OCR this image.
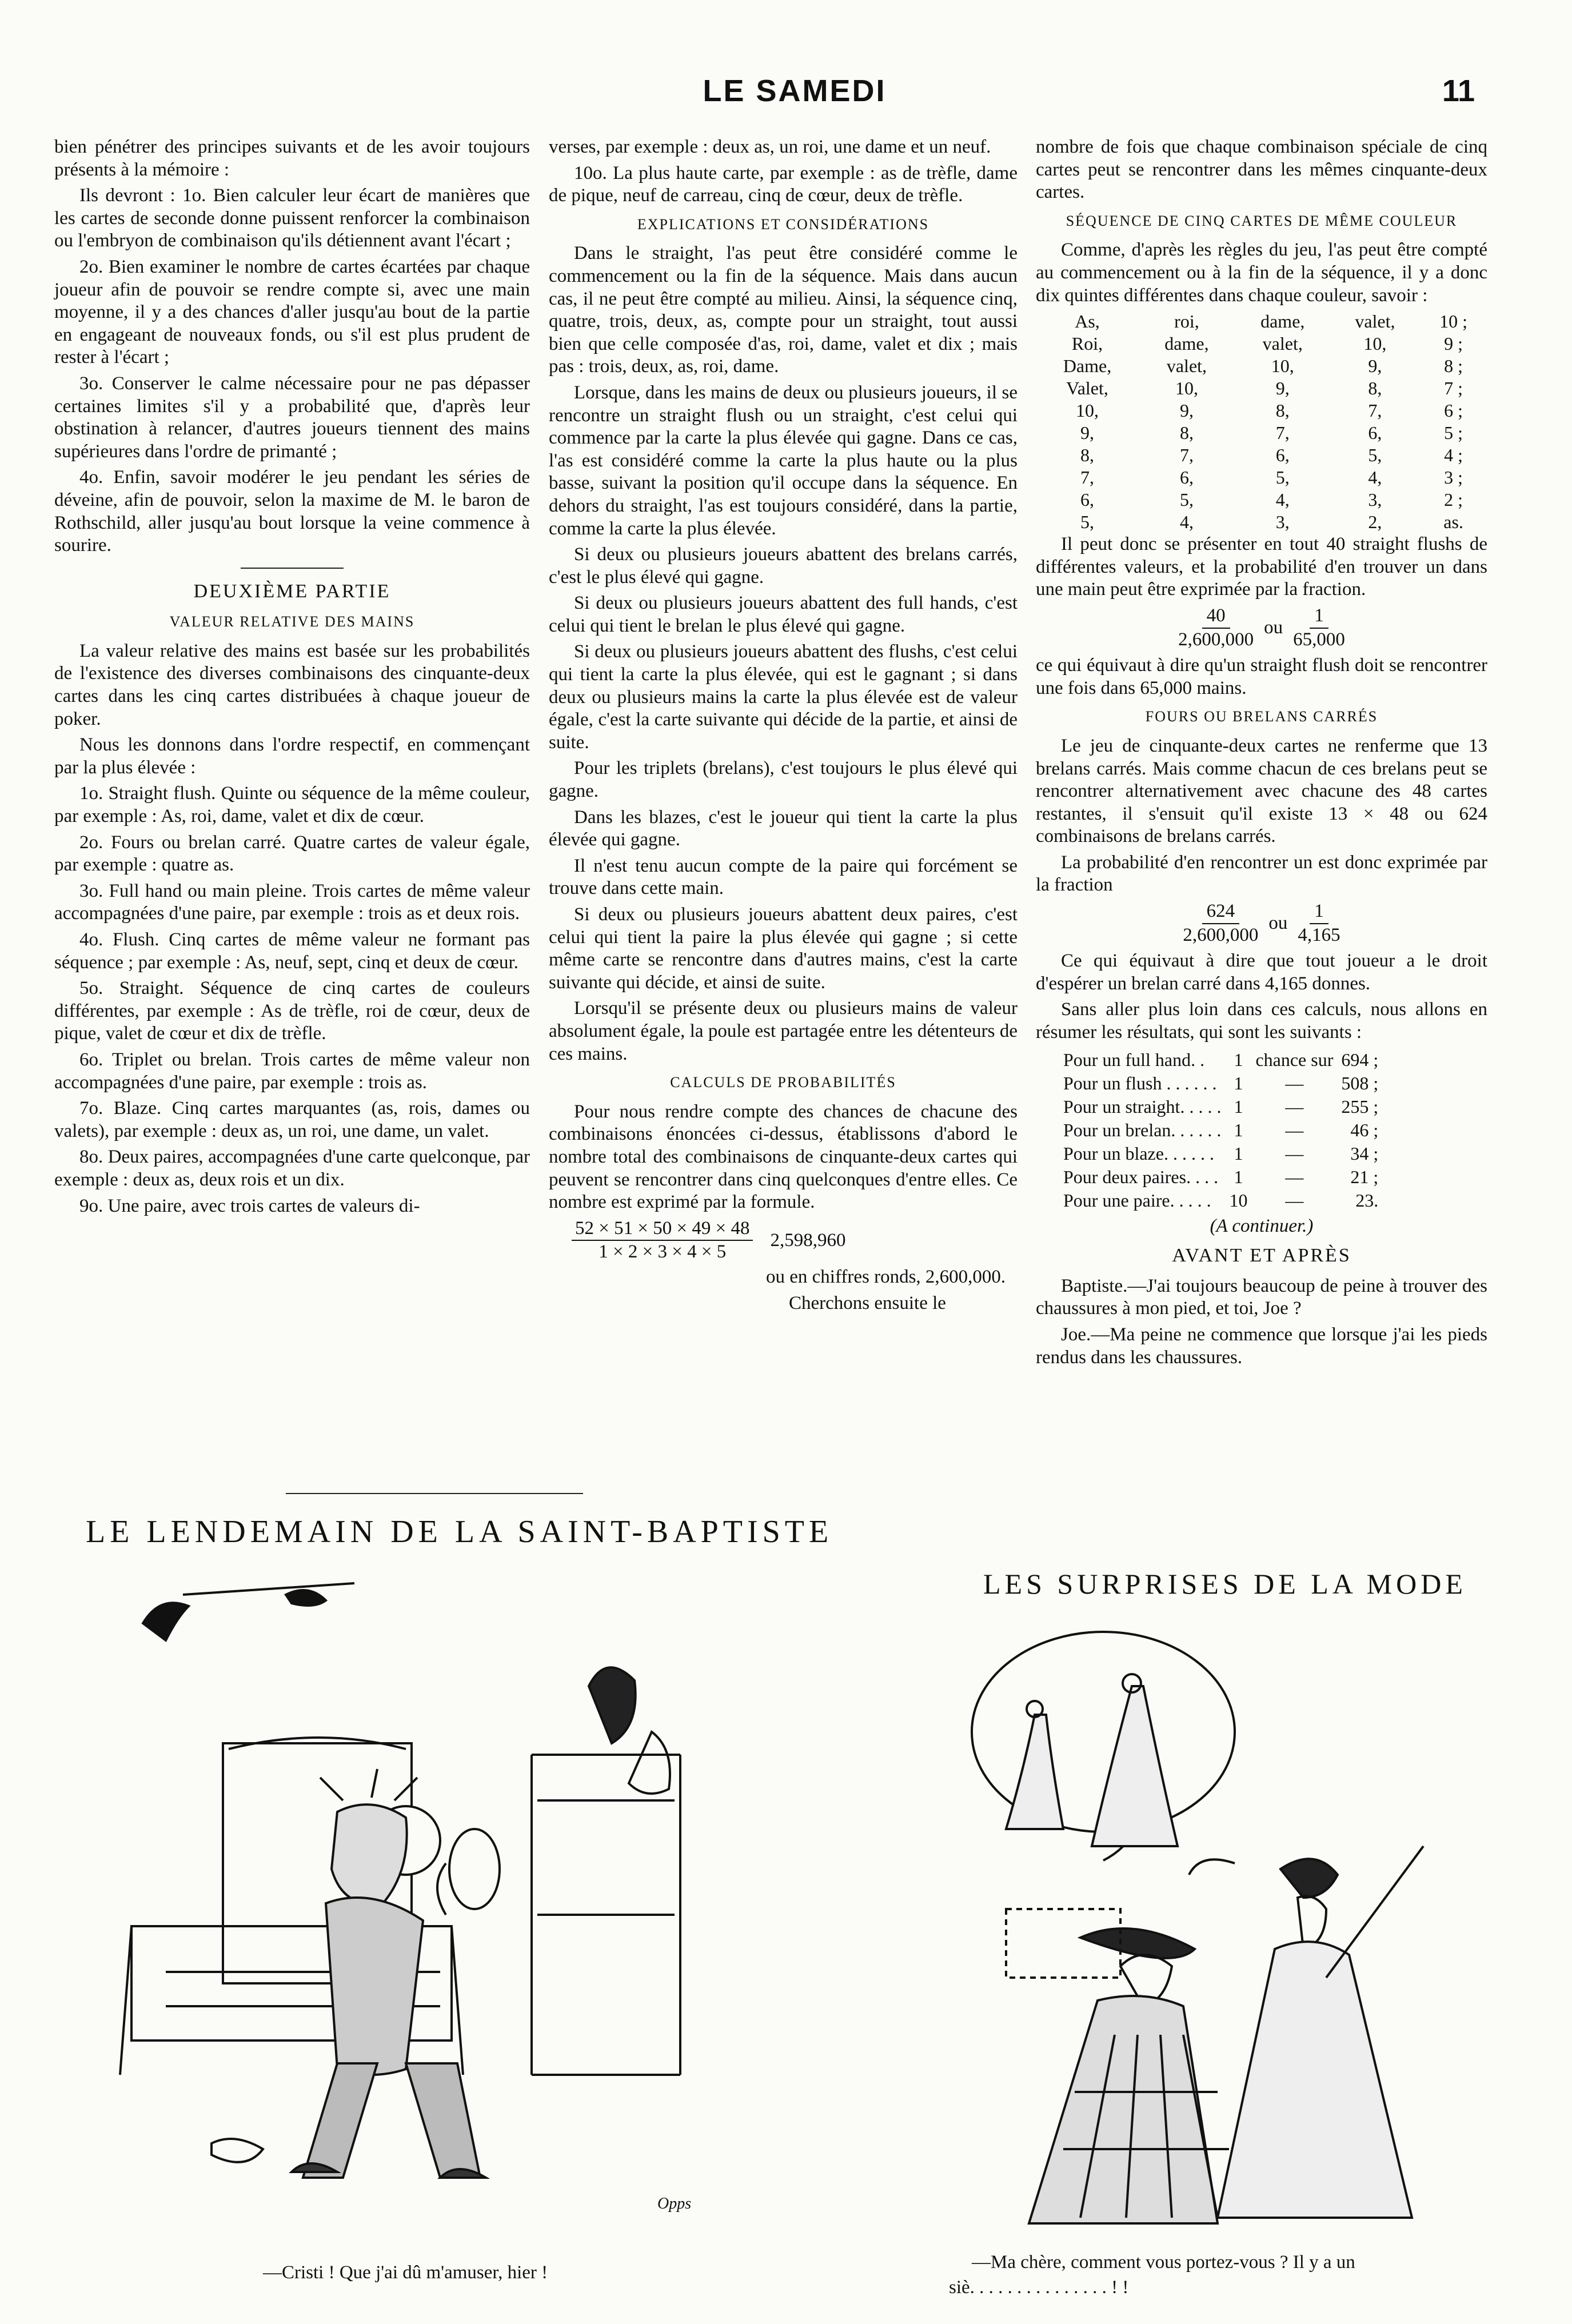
LE SAMEDI	11

bien pénétrer des principes suivants et de les avoir toujours présents à la mémoire :

Ils devront : 1o. Bien calculer leur écart de manières que les cartes de seconde donne puissent renforcer la combinaison ou l'embryon de combinaison qu'ils détiennent avant l'écart ;

2o. Bien examiner le nombre de cartes écartées par chaque joueur afin de pouvoir se rendre compte si, avec une main moyenne, il y a des chances d'aller jusqu'au bout de la partie en engageant de nouveaux fonds, ou s'il est plus prudent de rester à l'écart ;

3o. Conserver le calme nécessaire pour ne pas dépasser certaines limites s'il y a probabilité que, d'après leur obstination à relancer, d'autres joueurs tiennent des mains supérieures dans l'ordre de primanté ;

4o. Enfin, savoir modérer le jeu pendant les séries de déveine, afin de pouvoir, selon la maxime de M. le baron de Rothschild, aller jusqu'au bout lorsque la veine commence à sourire.

DEUXIÈME PARTIE
VALEUR RELATIVE DES MAINS

La valeur relative des mains est basée sur les probabilités de l'existence des diverses combinaisons des cinquante-deux cartes dans les cinq cartes distribuées à chaque joueur de poker.

Nous les donnons dans l'ordre respectif, en commençant par la plus élevée :

1o. Straight flush. Quinte ou séquence de la même couleur, par exemple : As, roi, dame, valet et dix de cœur.

2o. Fours ou brelan carré. Quatre cartes de valeur égale, par exemple : quatre as.

3o. Full hand ou main pleine. Trois cartes de même valeur accompagnées d'une paire, par exemple : trois as et deux rois.

4o. Flush. Cinq cartes de même valeur ne formant pas séquence ; par exemple : As, neuf, sept, cinq et deux de cœur.

5o. Straight. Séquence de cinq cartes de couleurs différentes, par exemple : As de trèfle, roi de cœur, deux de pique, valet de cœur et dix de trèfle.

6o. Triplet ou brelan. Trois cartes de même valeur non accompagnées d'une paire, par exemple : trois as.

7o. Blaze. Cinq cartes marquantes (as, rois, dames ou valets), par exemple : deux as, un roi, une dame, un valet.

8o. Deux paires, accompagnées d'une carte quelconque, par exemple : deux as, deux rois et un dix.

9o. Une paire, avec trois cartes de valeurs di-

verses, par exemple : deux as, un roi, une dame et un neuf.

10o. La plus haute carte, par exemple : as de trèfle, dame de pique, neuf de carreau, cinq de cœur, deux de trèfle.

EXPLICATIONS ET CONSIDÉRATIONS

Dans le straight, l'as peut être considéré comme le commencement ou la fin de la séquence. Mais dans aucun cas, il ne peut être compté au milieu. Ainsi, la séquence cinq, quatre, trois, deux, as, compte pour un straight, tout aussi bien que celle composée d'as, roi, dame, valet et dix ; mais pas : trois, deux, as, roi, dame.

Lorsque, dans les mains de deux ou plusieurs joueurs, il se rencontre un straight flush ou un straight, c'est celui qui commence par la carte la plus élevée qui gagne. Dans ce cas, l'as est considéré comme la carte la plus haute ou la plus basse, suivant la position qu'il occupe dans la séquence. En dehors du straight, l'as est toujours considéré, dans la partie, comme la carte la plus élevée.

Si deux ou plusieurs joueurs abattent des brelans carrés, c'est le plus élevé qui gagne.

Si deux ou plusieurs joueurs abattent des full hands, c'est celui qui tient le brelan le plus élevé qui gagne.

Si deux ou plusieurs joueurs abattent des flushs, c'est celui qui tient la carte la plus élevée, qui est le gagnant ; si dans deux ou plusieurs mains la carte la plus élevée est de valeur égale, c'est la carte suivante qui décide de la partie, et ainsi de suite.

Pour les triplets (brelans), c'est toujours le plus élevé qui gagne.

Dans les blazes, c'est le joueur qui tient la carte la plus élevée qui gagne.

Il n'est tenu aucun compte de la paire qui forcément se trouve dans cette main.

Si deux ou plusieurs joueurs abattent deux paires, c'est celui qui tient la paire la plus élevée qui gagne ; si cette même carte se rencontre dans d'autres mains, c'est la carte suivante qui décide, et ainsi de suite.

Lorsqu'il se présente deux ou plusieurs mains de valeur absolument égale, la poule est partagée entre les détenteurs de ces mains.

CALCULS DE PROBABILITÉS

Pour nous rendre compte des chances de chacune des combinaisons énoncées ci-dessus, établissons d'abord le nombre total des combinaisons de cinquante-deux cartes qui peuvent se rencontrer dans cinq quelconques d'entre elles. Ce nombre est exprimé par la formule.

$\frac{52 \times 51 \times 50 \times 49 \times 48}{1 \times 2 \times 3 \times 4 \times 5} 2,598,960$

ou en chiffres ronds, 2,600,000.

Cherchons ensuite le

nombre de fois que chaque combinaison spéciale de cinq cartes peut se rencontrer dans les mêmes cinquante-deux cartes.

SÉQUENCE DE CINQ CARTES DE MÊME COULEUR

Comme, d'après les règles du jeu, l'as peut être compté au commencement ou à la fin de la séquence, il y a donc dix quintes différentes dans chaque couleur, savoir :

As,	roi,	dame,	valet,	10 ;
Roi,	dame,	valet,	10,	9 ;
Dame,	valet,	10,	9,	8 ;
Valet,	10,	9,	8,	7 ;
10,	9,	8,	7,	6 ;
9,	8,	7,	6,	5 ;
8,	7,	6,	5,	4 ;
7,	6,	5,	4,	3 ;
6,	5,	4,	3,	2 ;
5,	4,	3,	2,	as.

Il peut donc se présenter en tout 40 straight flushs de différentes valeurs, et la probabilité d'en trouver un dans une main peut être exprimée par la fraction.

$\frac{40}{2,600,000}$ ou $\frac{1}{65,000}$

ce qui équivaut à dire qu'un straight flush doit se rencontrer une fois dans 65,000 mains.

FOURS OU BRELANS CARRÉS

Le jeu de cinquante-deux cartes ne renferme que 13 brelans carrés. Mais comme chacun de ces brelans peut se rencontrer alternativement avec chacune des 48 cartes restantes, il s'ensuit qu'il existe 13 × 48 ou 624 combinaisons de brelans carrés.

La probabilité d'en rencontrer un est donc exprimée par la fraction

$\frac{624}{2,600,000}$ ou $\frac{1}{4,165}$

Ce qui équivaut à dire que tout joueur a le droit d'espérer un brelan carré dans 4,165 donnes.

Sans aller plus loin dans ces calculs, nous allons en résumer les résultats, qui sont les suivants :

Pour un full hand. .	1	chance sur	694 ;
Pour un flush . . . . . .	1	—	508 ;
Pour un straight. . . . .	1	—	255 ;
Pour un brelan. . . . . .	1	—	46 ;
Pour un blaze. . . . . .	1	—	34 ;
Pour deux paires. . . .	1	—	21 ;
Pour une paire. . . . .	10	—	23.
(A continuer.)
AVANT ET APRÈS

Baptiste.—J'ai toujours beaucoup de peine à trouver des chaussures à mon pied, et toi, Joe ?

Joe.—Ma peine ne commence que lorsque j'ai les pieds rendus dans les chaussures.

LE LENDEMAIN DE LA SAINT-BAPTISTE
Opps
—Cristi ! Que j'ai dû m'amuser, hier !
LES SURPRISES DE LA MODE
—Ma chère, comment vous portez-vous ? Il y a un
siè. . . . . . . . . . . . . . . ! !
